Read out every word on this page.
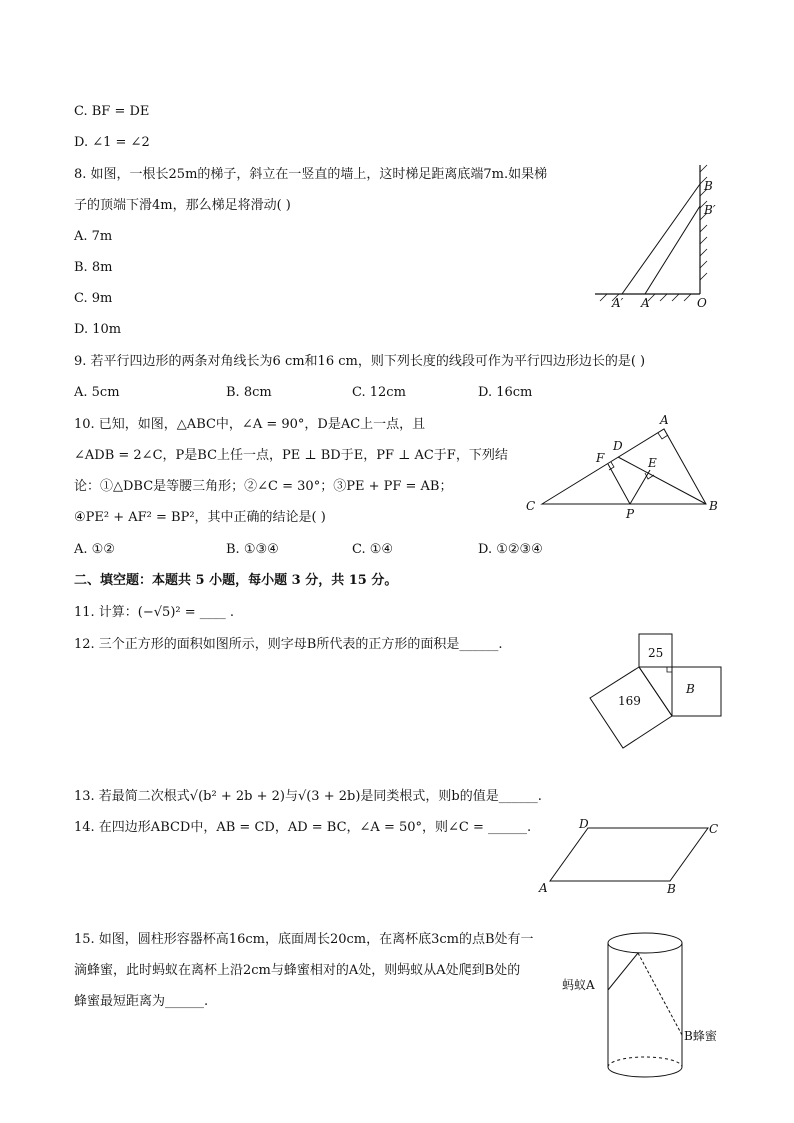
C. BF = DE
D. ∠1 = ∠2
8. 如图，一根长25m的梯子，斜立在一竖直的墙上，这时梯足距离底端7m.如果梯
子的顶端下滑4m，那么梯足将滑动( )
A. 7m
B. 8m
C. 9m
D. 10m
B
B′
A′ A	O
9. 若平行四边形的两条对角线长为6 cm和16 cm，则下列长度的线段可作为平行四边形边长的是( )
A. 5cm	B. 8cm	C. 12cm	D. 16cm
10. 已知，如图，△ABC中，∠A = 90°，D是AC上一点，且
∠ADB = 2∠C，P是BC上任一点，PE ⊥ BD于E，PF ⊥ AC于F，下列结
论：①△DBC是等腰三角形；②∠C = 30°；③PE + PF = AB；
④PE² + AF² = BP²，其中正确的结论是( )
A. ①②	B. ①③④	C. ①④	D. ①②③④
A
D
F	E
C
P
B
二、填空题：本题共 5 小题，每小题 3 分，共 15 分。
11. 计算：(−√5)² = ____ .
12. 三个正方形的面积如图所示，则字母B所代表的正方形的面积是______.
25
169
B
13. 若最简二次根式√(b² + 2b + 2)与√(3 + 2b)是同类根式，则b的值是______.
14. 在四边形ABCD中，AB = CD，AD = BC，∠A = 50°，则∠C = ______.
A	B
C
D
15. 如图，圆柱形容器杯高16cm，底面周长20cm，在离杯底3cm的点B处有一
滴蜂蜜，此时蚂蚁在离杯上沿2cm与蜂蜜相对的A处，则蚂蚁从A处爬到B处的
蜂蜜最短距离为______.
蚂蚁A
B蜂蜜
